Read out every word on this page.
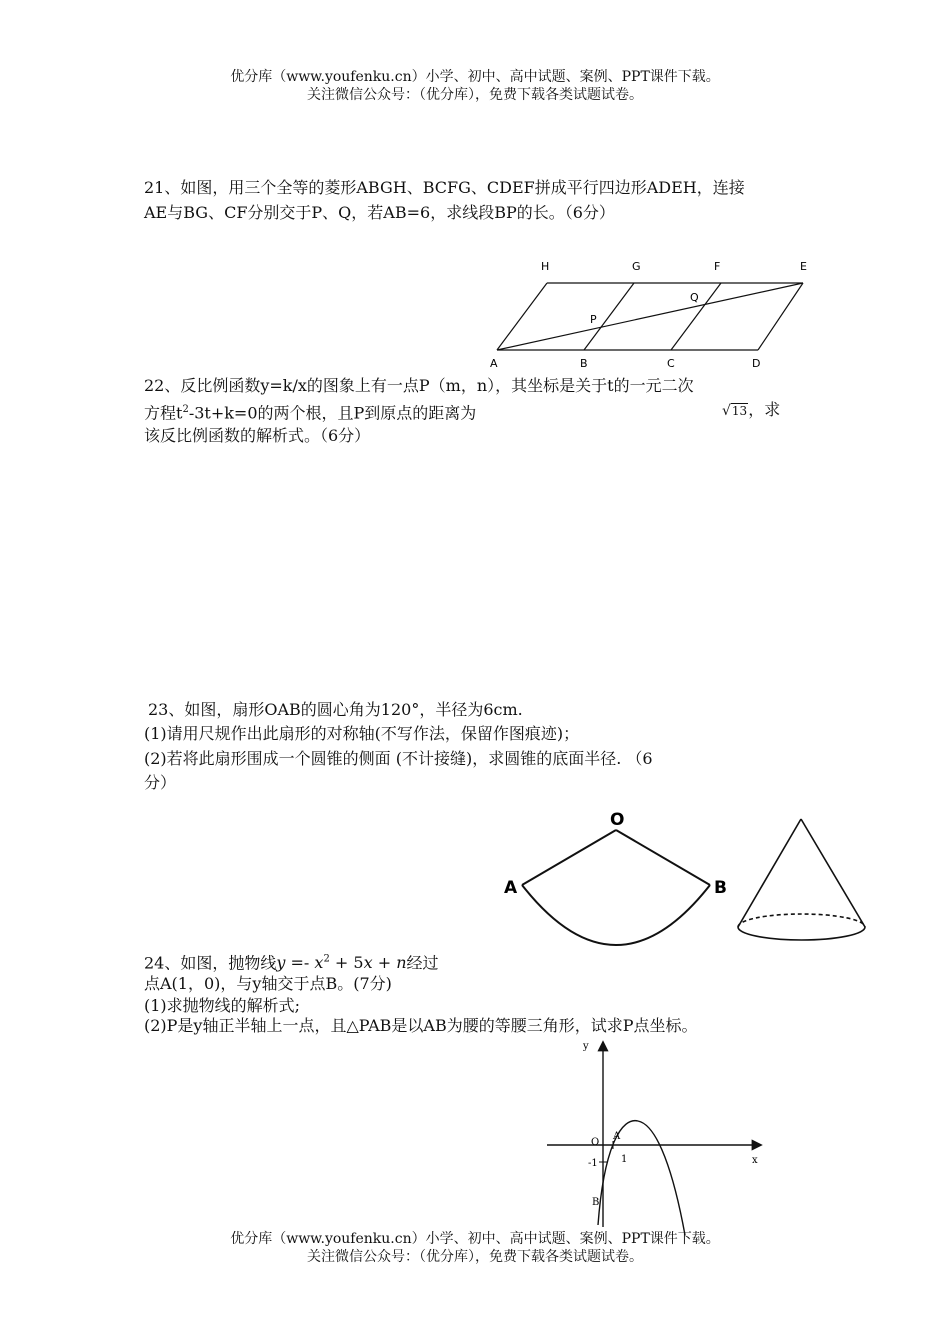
优分库（www.youfenku.cn）小学、初中、高中试题、案例、PPT课件下载。
关注微信公众号：（优分库），免费下载各类试题试卷。
21、如图，用三个全等的菱形ABGH、BCFG、CDEF拼成平行四边形ADEH，连接
AE与BG、CF分别交于P、Q，若AB=6，求线段BP的长。（6分）
H	G	F	E
Q
P
A	B	C	D
22、反比例函数y=k/x的图象上有一点P（m，n），其坐标是关于t的一元二次
方程$t^2-3t+k=0$的两个根，且P到原点的距离为	√13，求
该反比例函数的解析式。（6分）
23、如图，扇形OAB的圆心角为120°，半径为6cm.
(1)请用尺规作出此扇形的对称轴(不写作法，保留作图痕迹)；
(2)若将此扇形围成一个圆锥的侧面 (不计接缝)，求圆锥的底面半径. （6
分）
O
A	B
24、如图，抛物线$y =- x^2 + 5x + n$经过
点A(1，0)，与y轴交于点B。(7分)
(1)求抛物线的解析式;
(2)P是y轴正半轴上一点，且△PAB是以AB为腰的等腰三角形，试求P点坐标。
y
x
O
A
-1 1
B
优分库（www.youfenku.cn）小学、初中、高中试题、案例、PPT课件下载。
关注微信公众号：（优分库），免费下载各类试题试卷。
